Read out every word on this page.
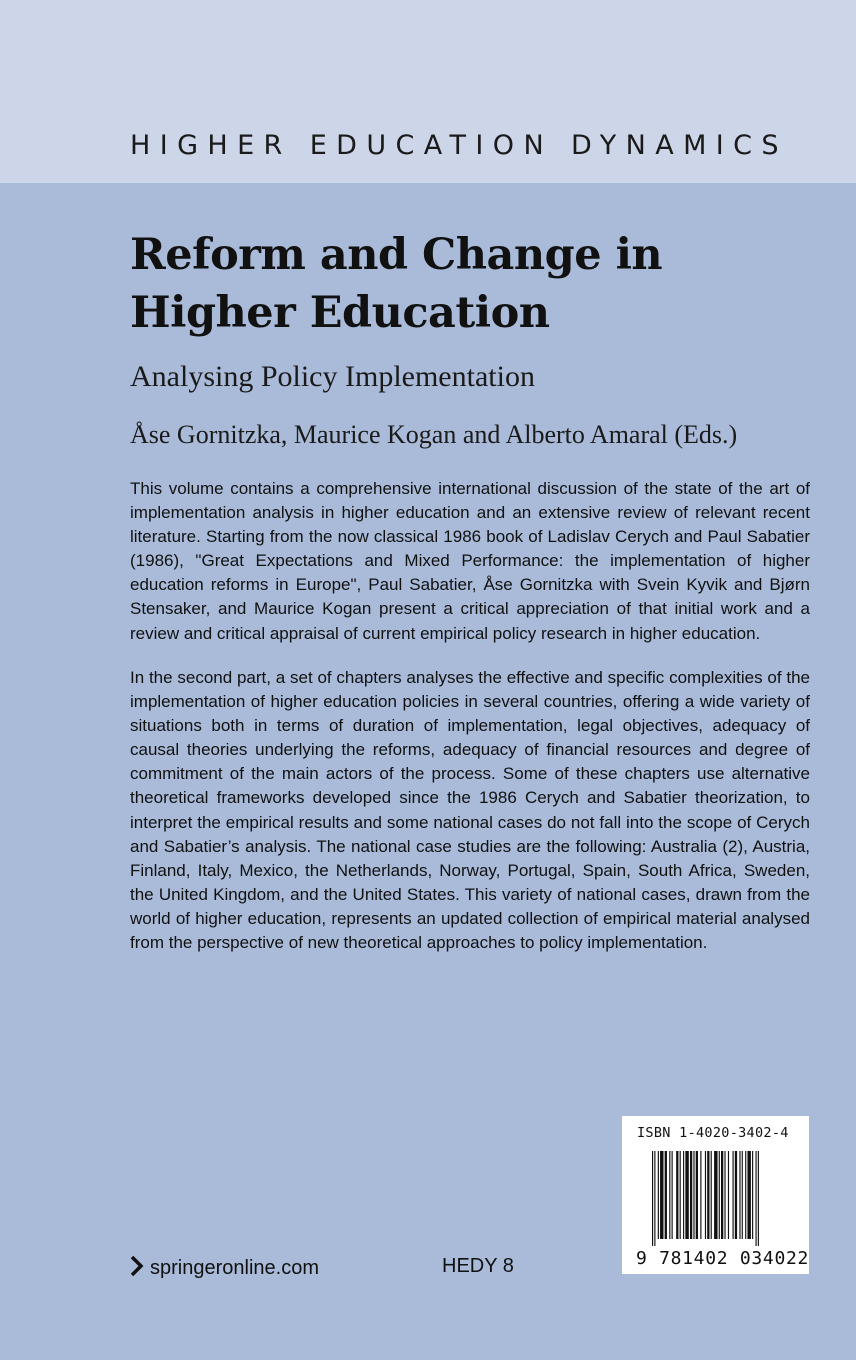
HIGHER EDUCATION DYNAMICS
Reform and Change in Higher Education
Analysing Policy Implementation
Åse Gornitzka, Maurice Kogan and Alberto Amaral (Eds.)

This volume contains a comprehensive international discussion of the state of the art of implementation analysis in higher education and an extensive review of relevant recent literature. Starting from the now classical 1986 book of Ladislav Cerych and Paul Sabatier (1986), "Great Expectations and Mixed Performance: the implementation of higher education reforms in Europe", Paul Sabatier, Åse Gornitzka with Svein Kyvik and Bjørn Stensaker, and Maurice Kogan present a critical appreciation of that initial work and a review and critical appraisal of current empirical policy research in higher education.

In the second part, a set of chapters analyses the effective and specific complexities of the implementation of higher education policies in several countries, offering a wide variety of situations both in terms of duration of implementation, legal objectives, adequacy of causal theories underlying the reforms, adequacy of financial resources and degree of commitment of the main actors of the process. Some of these chapters use alternative theoretical frameworks developed since the 1986 Cerych and Sabatier theorization, to interpret the empirical results and some national cases do not fall into the scope of Cerych and Sabatier’s analysis. The national case studies are the following: Australia (2), Austria, Finland, Italy, Mexico, the Netherlands, Norway, Portugal, Spain, South Africa, Sweden, the United Kingdom, and the United States. This variety of national cases, drawn from the world of higher education, represents an updated collection of empirical material analysed from the perspective of new theoretical approaches to policy implementation.

ISBN 1-4020-3402-4
9 781402 034022
springeronline.com	HEDY 8
